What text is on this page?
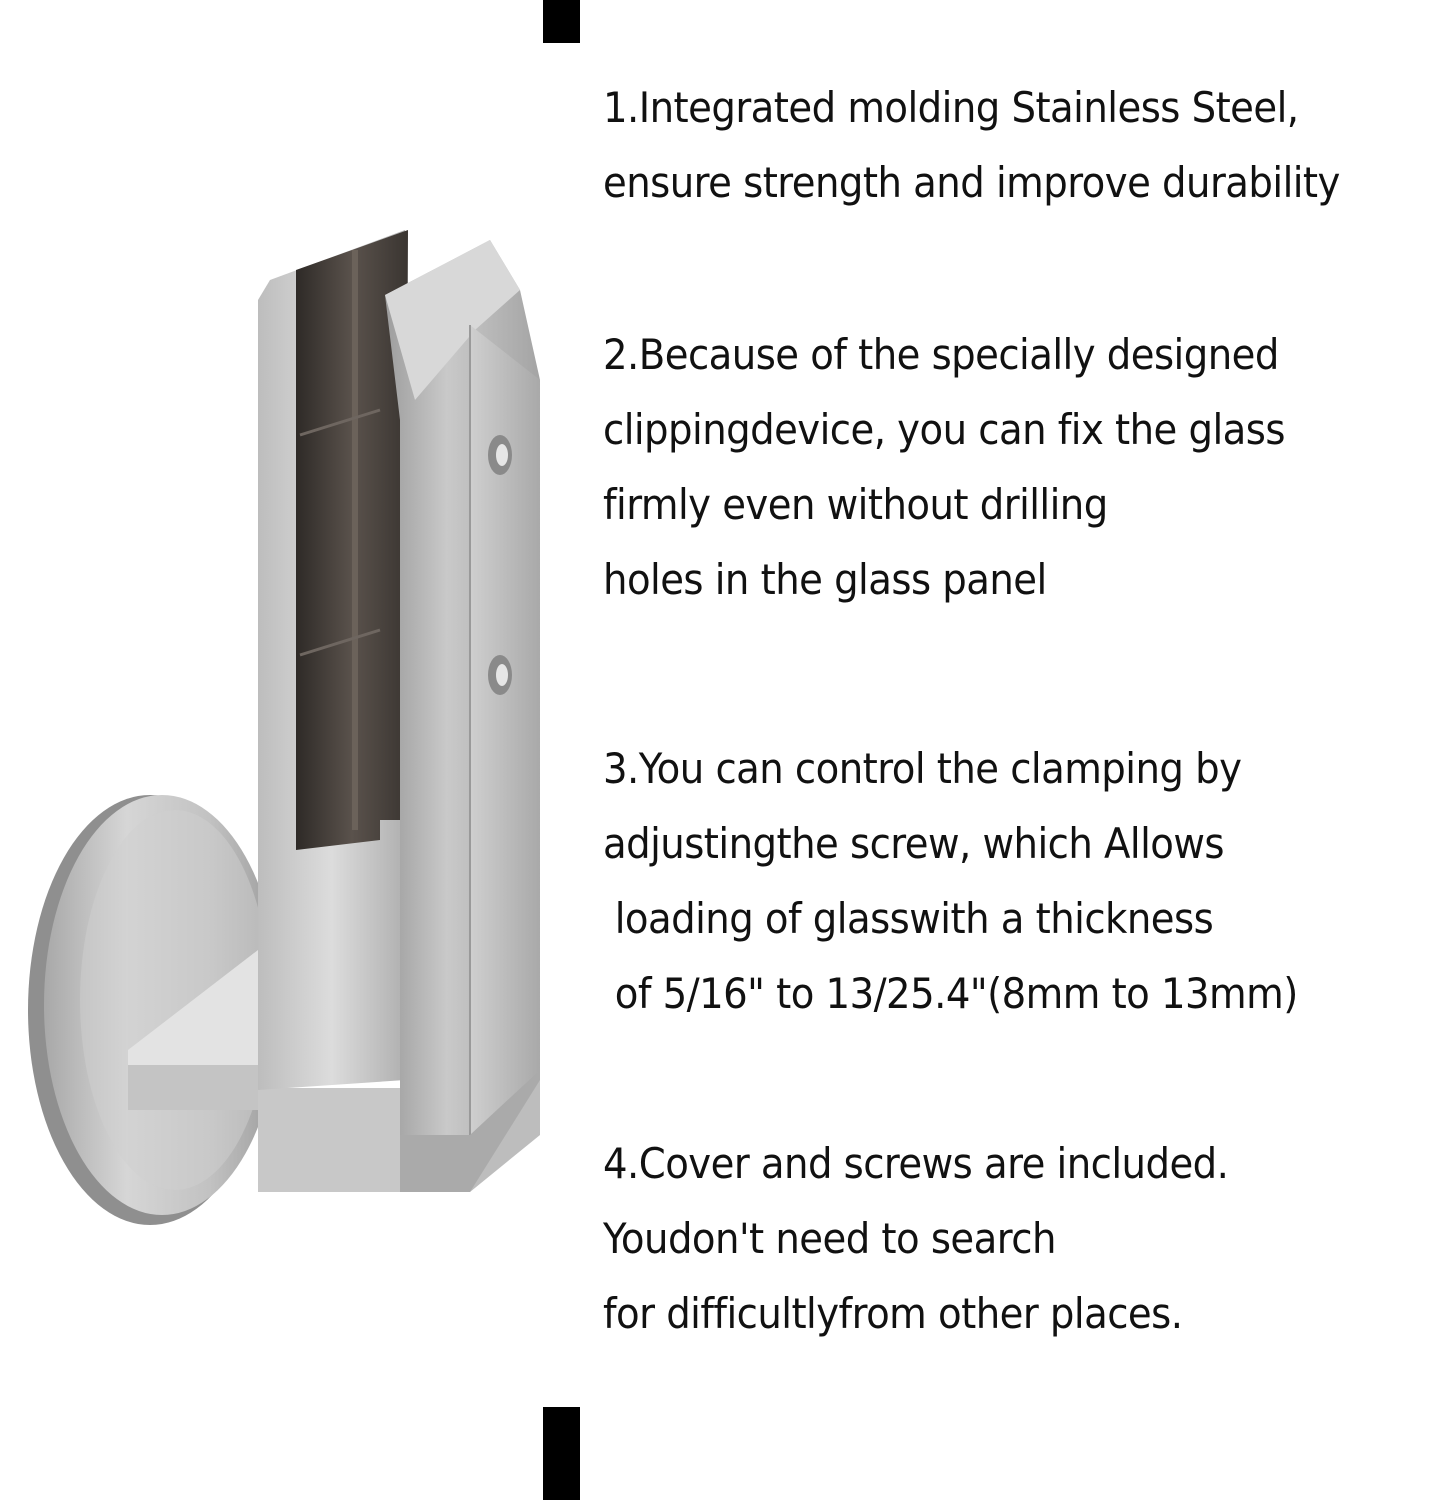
1.Integrated molding Stainless Steel,
ensure strength and improve durability
2.Because of the specially designed
clippingdevice, you can fix the glass
firmly even without drilling
holes in the glass panel
3.You can control the clamping by
adjustingthe screw, which Allows
loading of glasswith a thickness
of 5/16" to 13/25.4"(8mm to 13mm)
4.Cover and screws are included.
Youdon't need to search
for difficultlyfrom other places.
